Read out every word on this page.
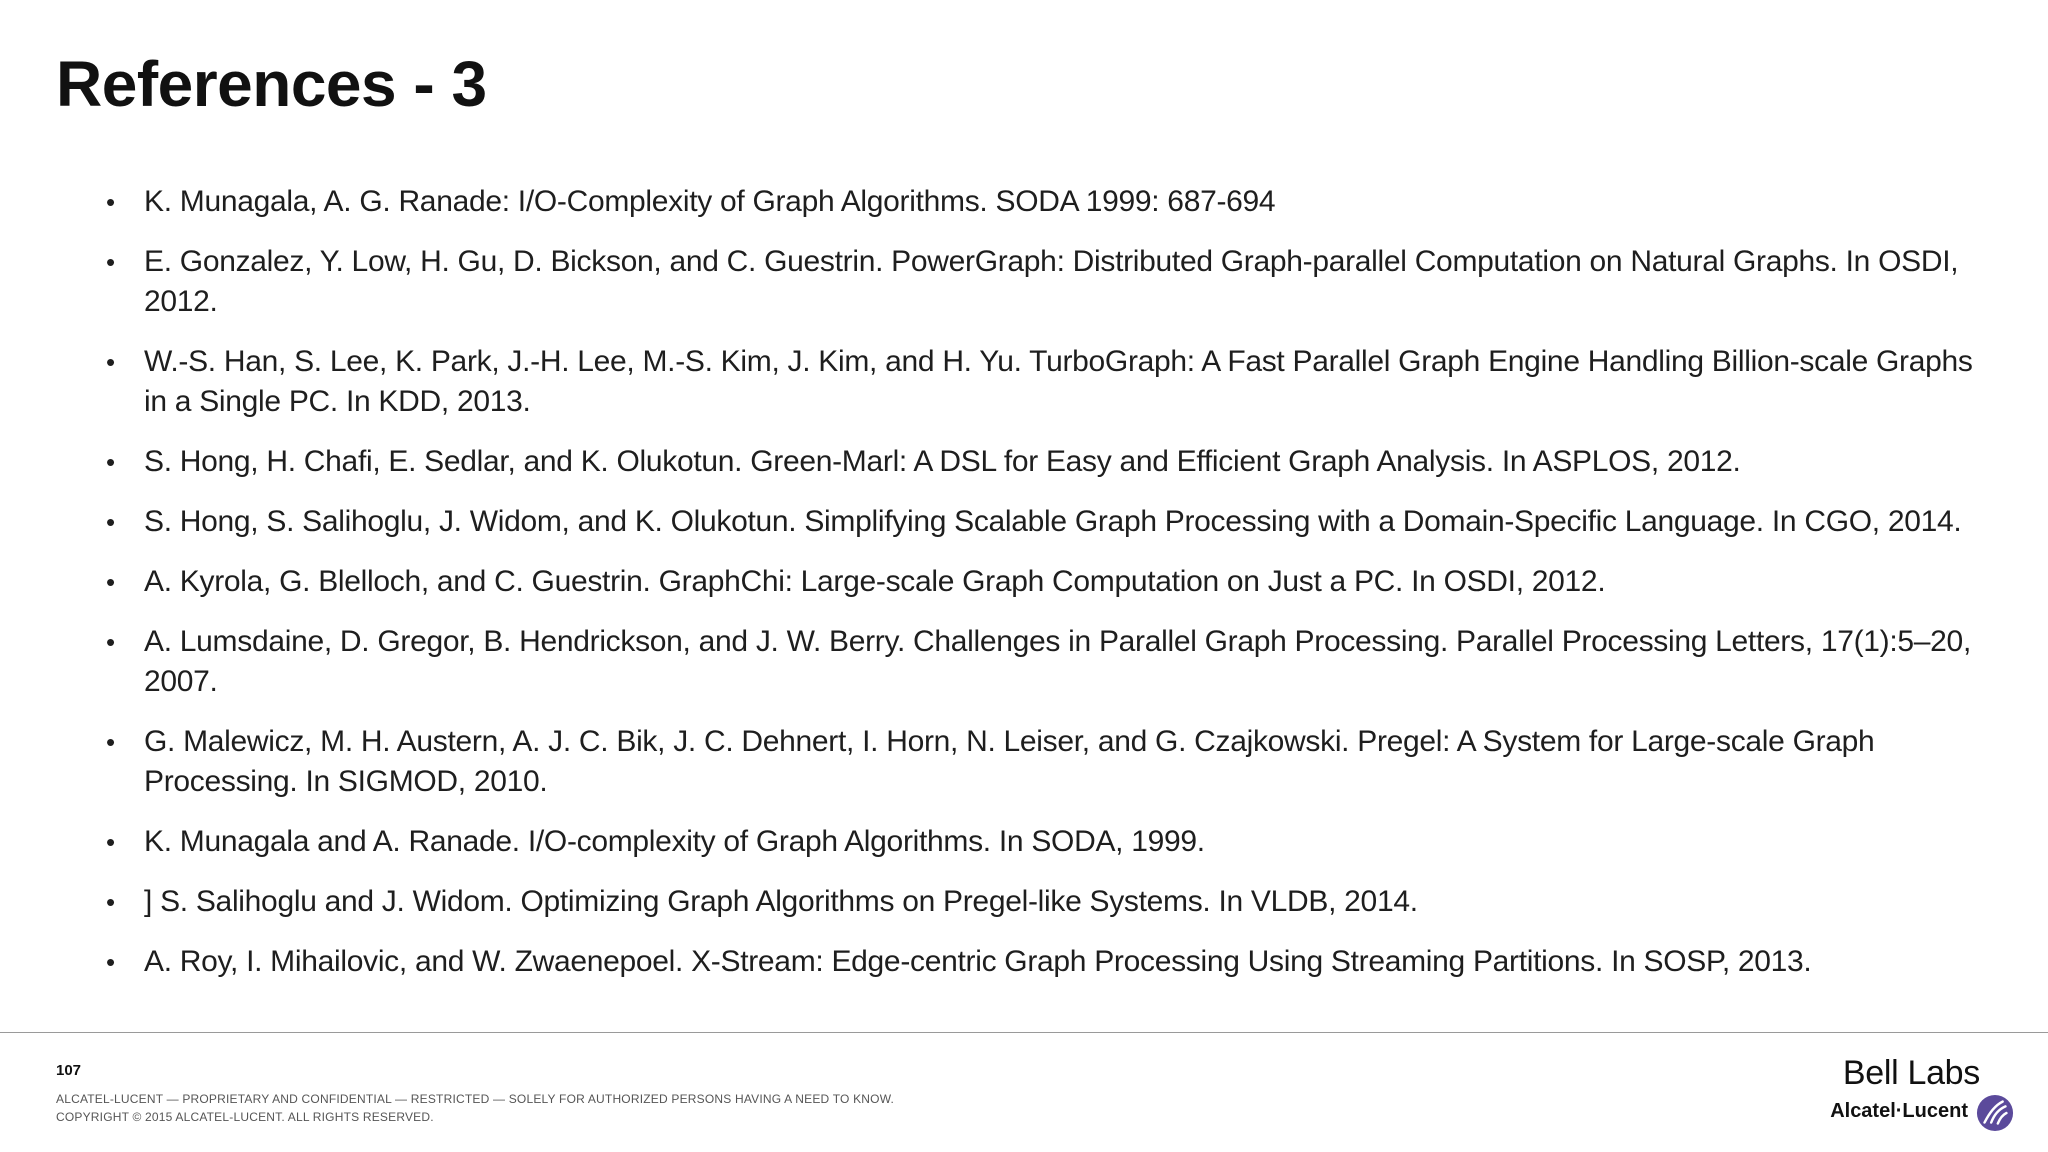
References - 3
• K. Munagala, A. G. Ranade: I/O-Complexity of Graph Algorithms. SODA 1999: 687-694
• E. Gonzalez, Y. Low, H. Gu, D. Bickson, and C. Guestrin. PowerGraph: Distributed Graph-parallel Computation on Natural Graphs. In OSDI, 2012.
• W.-S. Han, S. Lee, K. Park, J.-H. Lee, M.-S. Kim, J. Kim, and H. Yu. TurboGraph: A Fast Parallel Graph Engine Handling Billion-scale Graphs in a Single PC. In KDD, 2013.
• S. Hong, H. Chafi, E. Sedlar, and K. Olukotun. Green-Marl: A DSL for Easy and Efficient Graph Analysis. In ASPLOS, 2012.
• S. Hong, S. Salihoglu, J. Widom, and K. Olukotun. Simplifying Scalable Graph Processing with a Domain-Specific Language. In CGO, 2014.
• A. Kyrola, G. Blelloch, and C. Guestrin. GraphChi: Large-scale Graph Computation on Just a PC. In OSDI, 2012.
• A. Lumsdaine, D. Gregor, B. Hendrickson, and J. W. Berry. Challenges in Parallel Graph Processing. Parallel Processing Letters, 17(1):5–20, 2007.
• G. Malewicz, M. H. Austern, A. J. C. Bik, J. C. Dehnert, I. Horn, N. Leiser, and G. Czajkowski. Pregel: A System for Large-scale Graph Processing. In SIGMOD, 2010.
• K. Munagala and A. Ranade. I/O-complexity of Graph Algorithms. In SODA, 1999.
• ] S. Salihoglu and J. Widom. Optimizing Graph Algorithms on Pregel-like Systems. In VLDB, 2014.
• A. Roy, I. Mihailovic, and W. Zwaenepoel. X-Stream: Edge-centric Graph Processing Using Streaming Partitions. In SOSP, 2013.
107
ALCATEL-LUCENT — PROPRIETARY AND CONFIDENTIAL — RESTRICTED — SOLELY FOR AUTHORIZED PERSONS HAVING A NEED TO KNOW.
COPYRIGHT © 2015 ALCATEL-LUCENT. ALL RIGHTS RESERVED.
Bell Labs
Alcatel·Lucent
